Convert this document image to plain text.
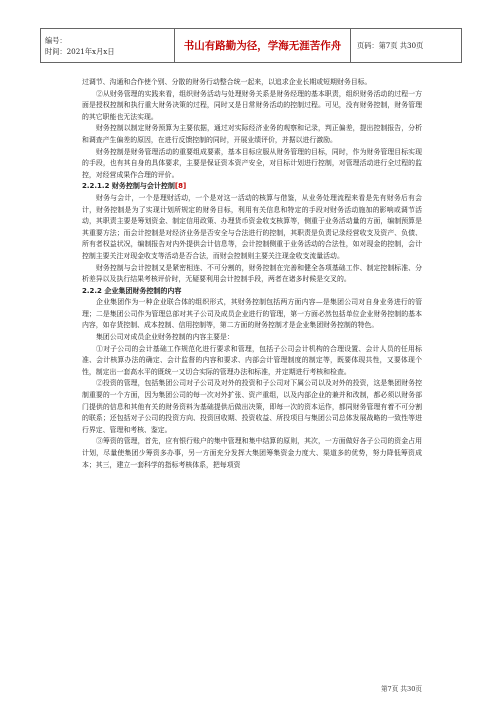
编号：
时间：2021年x月x日	书山有路勤为径，学海无涯苦作舟 页码：第7页 共30页

过调节、沟通和合作使个别、分散的财务行动整合统一起来，以追求企业长期或短期财务目标。

②从财务管理的实践来看，组织财务活动与处理财务关系是财务经理的基本职责，组织财务活动的过程一方面是授权控制和执行重大财务决策的过程，同时又是日常财务活动的控制过程。可见，没有财务控制，财务管理的其它职能也无法实现。

财务控制以制定财务预算为主要依据，通过对实际经济业务的观察和记录，判正偏差，提出控制报告，分析和调查产生偏差的原因，在进行反馈控制的同时，开展业绩评价，并据以进行激励。

财务控制是财务管理活动的重要组成要素，基本目标应服从财务管理的目标，同时，作为财务管理目标实现的手段，也有其自身的具体要求，主要是保证资本资产安全，对目标计划进行控制，对管理活动进行全过程的监控，对经营成果作合理的评价。

2.2.1.2 财务控制与会计控制[8]

财务与会计，一个是理财活动，一个是对这一活动的核算与借鉴，从业务处理流程来看是先有财务后有会计，财务控制是为了实现计划所规定的财务目标，利用有关信息和特定的手段对财务活动施加的影响或调节活动，其职责主要是筹划资金、制定信用政策、办理货币资金收支核算等，侧重于业务活动量的方面，编制预算是其重要方法；而会计控制是对经济业务是否安全与合法进行的控制，其职责是负责记录经营收支及资产、负债、所有者权益状况，编制报告对内外提供会计信息等，会计控制侧重于业务活动的合法性，如对现金的控制，会计控制主要关注对现金收支等活动是否合法，而财会控制则主要关注现金收支流量活动。

财务控制与会计控制又是紧密相连、不可分割的，财务控制在完善和健全各项基础工作、制定控制标准、分析差异以及执行结果考核评价时，无疑要利用会计控制手段，两者在诸多时候是交叉的。

2.2.2 企业集团财务控制的内容

企业集团作为一种企业联合体的组织形式，其财务控制包括两方面内容—是集团公司对自身业务进行的管理；二是集团公司作为管理总部对其子公司及成员企业进行的管理，第一方面必然包括单位企业财务控制的基本内容，如存货控制、成本控制、信用控制等，第二方面的财务控制才是企业集团财务控制的特色。

集团公司对成员企业财务控制的内容主要是：

①对子公司的会计基础工作规范化进行要求和管理，包括子公司会计机构的合理设置、会计人员的任用标准、会计核算办法的确定、会计监督的内容和要求、内部会计管理制度的制定等，既要体现共性，又要体现个性，制定出一套高水平的既统一又切合实际的管理办法和标准，并定期进行考核和检查。

②投资的管理，包括集团公司对子公司及对外的投资和子公司对下属公司以及对外的投资，这是集团财务控制重要的一个方面，因为集团公司的每一次对外扩张、资产重组，以及内部企业的兼并和改制，都必须以财务部门提供的信息和其他有关的财务资料为基础提供后做出决策，即每一次的资本运作，都同财务管理有着不可分割的联系；还包括对子公司的投资方向、投资回收期、投资收益、所投项目与集团公司总体发展战略的一致性等进行界定、管理和考核、鉴定。

③筹资的管理，首先，应有银行账户的集中管理和集中结算的原则，其次，一方面做好各子公司的资金占用计划，尽量使集团少筹资多办事，另一方面充分发挥大集团筹集资金力度大、渠道多的优势，努力降低筹资成本；其三，建立一套科学的指标考核体系，把每项资

第7页 共30页
